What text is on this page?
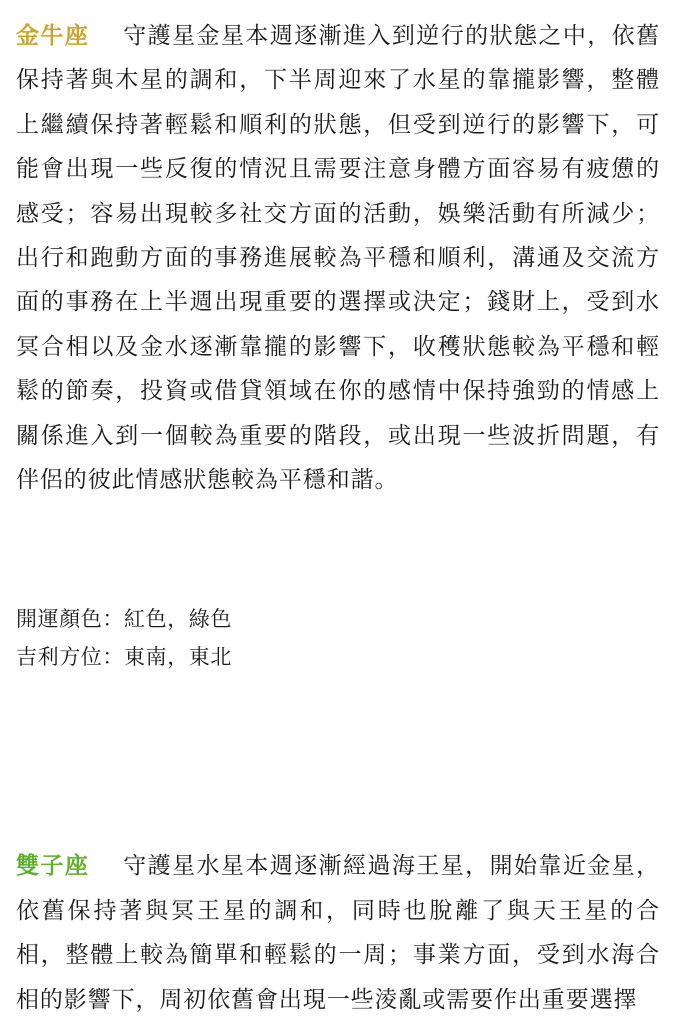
金牛座 守護星金星本週逐漸進入到逆行的狀態之中，依舊保持著與木星的調和，下半周迎來了水星的靠攏影響，整體上繼續保持著輕鬆和順利的狀態，但受到逆行的影響下，可能會出現一些反復的情況且需要注意身體方面容易有疲憊的感受；容易出現較多社交方面的活動，娛樂活動有所減少；出行和跑動方面的事務進展較為平穩和順利，溝通及交流方面的事務在上半週出現重要的選擇或決定；錢財上，受到水冥合相以及金水逐漸靠攏的影響下，收穫狀態較為平穩和輕鬆的節奏，投資或借貸領域在你的感情中保持強勁的情感上關係進入到一個較為重要的階段，或出現一些波折問題，有伴侶的彼此情感狀態較為平穩和諧。

開運顏色：紅色，綠色

吉利方位：東南，東北

雙子座 守護星水星本週逐漸經過海王星，開始靠近金星，依舊保持著與冥王星的調和，同時也脫離了與天王星的合相，整體上較為簡單和輕鬆的一周；事業方面，受到水海合相的影響下，周初依舊會出現一些淩亂或需要作出重要選擇
